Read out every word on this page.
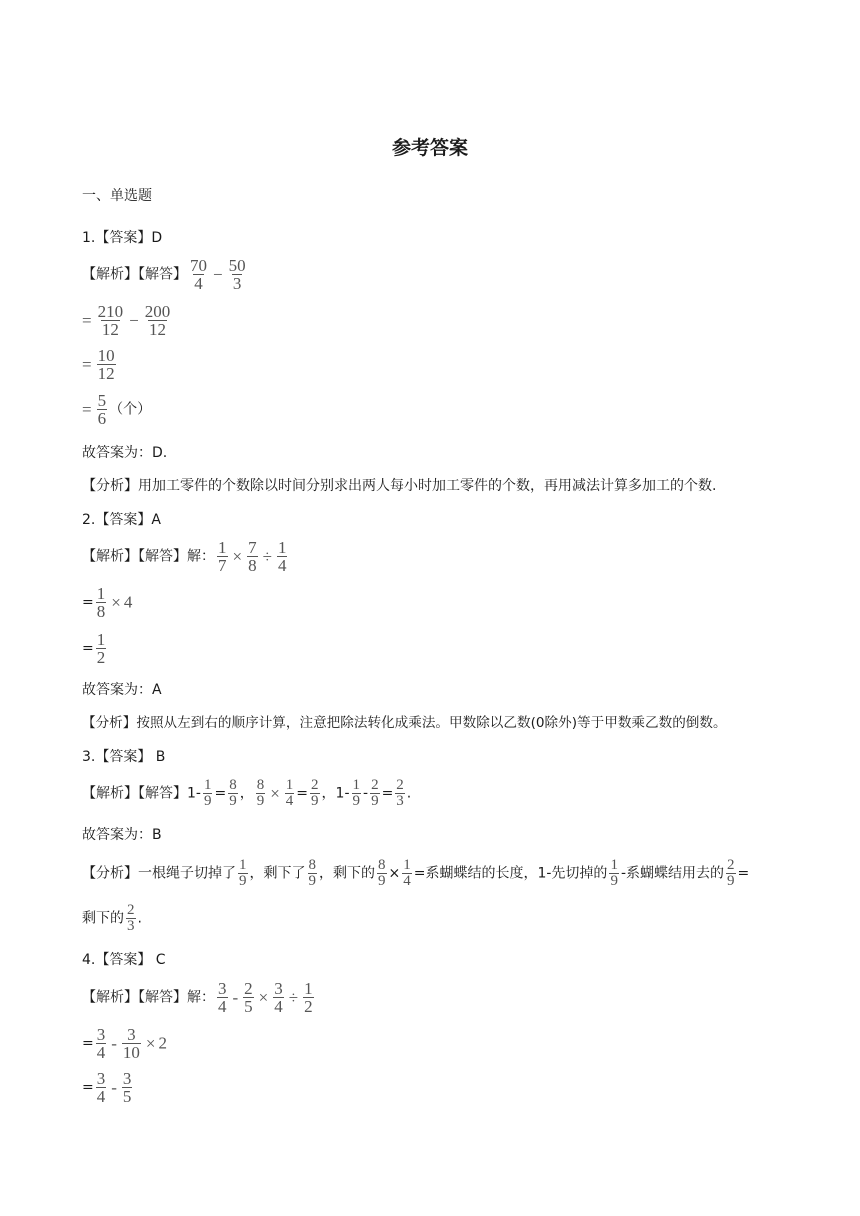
参考答案
一、单选题
1.【答案】D
【解析】【解答】 $\frac{70}{4} - \frac{50}{3}$
= $\frac{210}{12} - \frac{200}{12}$
= $\frac{10}{12}$
= $\frac{5}{6}$ （个）
故答案为：D.
【分析】用加工零件的个数除以时间分别求出两人每小时加工零件的个数，再用减法计算多加工的个数.
2.【答案】A
【解析】【解答】解： $\frac{1}{7} \times \frac{7}{8} \div \frac{1}{4}$
= $\frac{1}{8} \times 4$
= $\frac{1}{2}$
故答案为：A
【分析】按照从左到右的顺序计算，注意把除法转化成乘法。甲数除以乙数(0除外)等于甲数乘乙数的倒数。
3.【答案】 B
【解析】【解答】$1- \frac{1}{9} = \frac{8}{9}$ ， $\frac{8}{9} \times \frac{1}{4} = \frac{2}{9}$ ，$1- \frac{1}{9} - \frac{2}{9} = \frac{2}{3}$ .
故答案为：B
【分析】一根绳子切掉了 $\frac{1}{9}$ ，剩下了 $\frac{8}{9}$ ，剩下的 $\frac{8}{9} \times \frac{1}{4}$ =系蝴蝶结的长度，1-先切掉的 $\frac{1}{9}$ -系蝴蝶结用去的 $\frac{2}{9}$ =
剩下的 $\frac{2}{3}$ .
4.【答案】 C
【解析】【解答】解： $\frac{3}{4} - \frac{2}{5} \times \frac{3}{4} \div \frac{1}{2}$
= $\frac{3}{4} - \frac{3}{10} \times 2$
= $\frac{3}{4} - \frac{3}{5}$
